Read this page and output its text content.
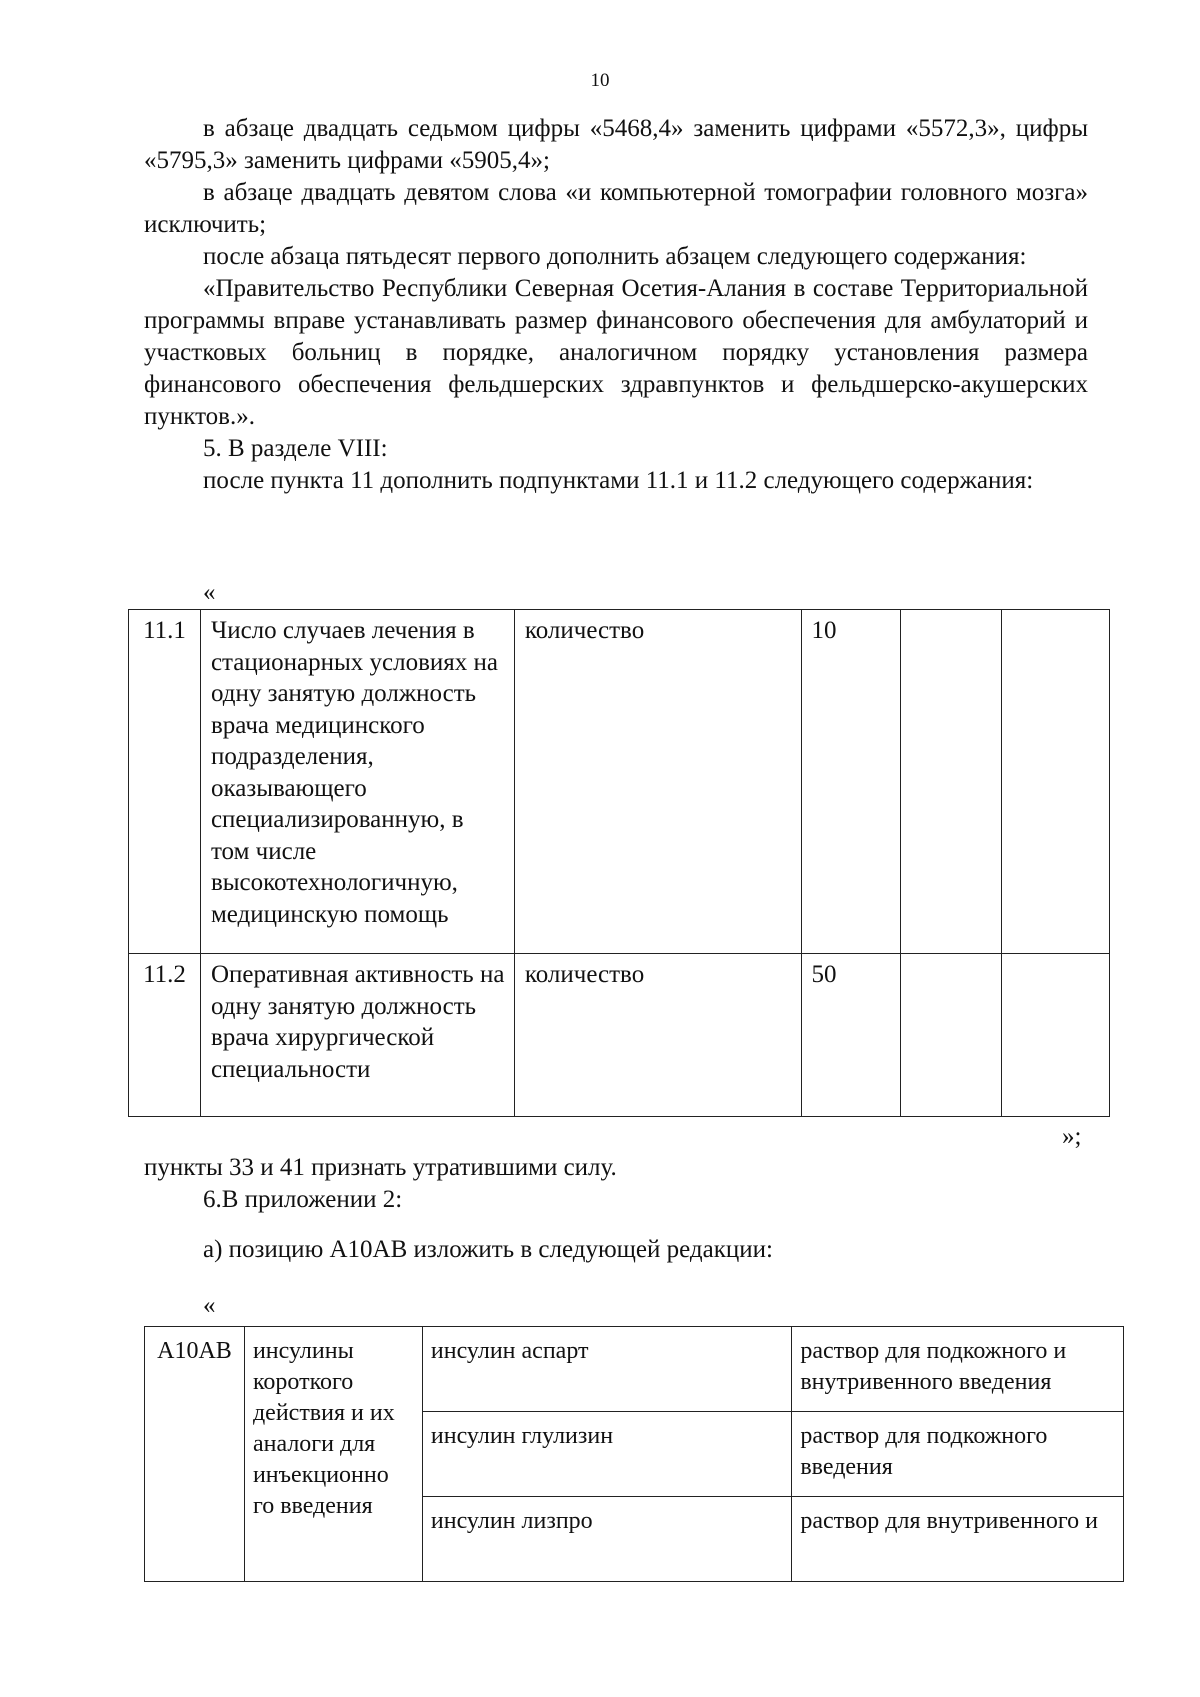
10

в абзаце двадцать седьмом цифры «5468,4» заменить цифрами «5572,3», цифры «5795,3» заменить цифрами «5905,4»;

в абзаце двадцать девятом слова «и компьютерной томографии головного мозга» исключить;

после абзаца пятьдесят первого дополнить абзацем следующего содержания:

«Правительство Республики Северная Осетия-Алания в составе Территориальной программы вправе устанавливать размер финансового обеспечения для амбулаторий и участковых больниц в порядке, аналогичном порядку установления размера финансового обеспечения фельдшерских здравпунктов и фельдшерско-акушерских пунктов.».

5. В разделе VIII:

после пункта 11 дополнить подпунктами 11.1 и 11.2 следующего содержания:

«
11.1	Число случаев лечения в стационарных условиях на одну занятую должность врача медицинского подразделения, оказывающего специализированную, в том числе высокотехнологичную, медицинскую помощь	количество	10		
11.2	Оперативная активность на одну занятую должность врача хирургической специальности	количество	50		
»;

пункты 33 и 41 признать утратившими силу.

6.В приложении 2:

а) позицию А10АВ изложить в следующей редакции:

«
А10АВ	инсулины короткого действия и их аналоги для инъекционно го введения	инсулин аспарт	раствор для подкожного и внутривенного введения
		инсулин глулизин	раствор для подкожного введения
		инсулин лизпро	раствор для внутривенного и
